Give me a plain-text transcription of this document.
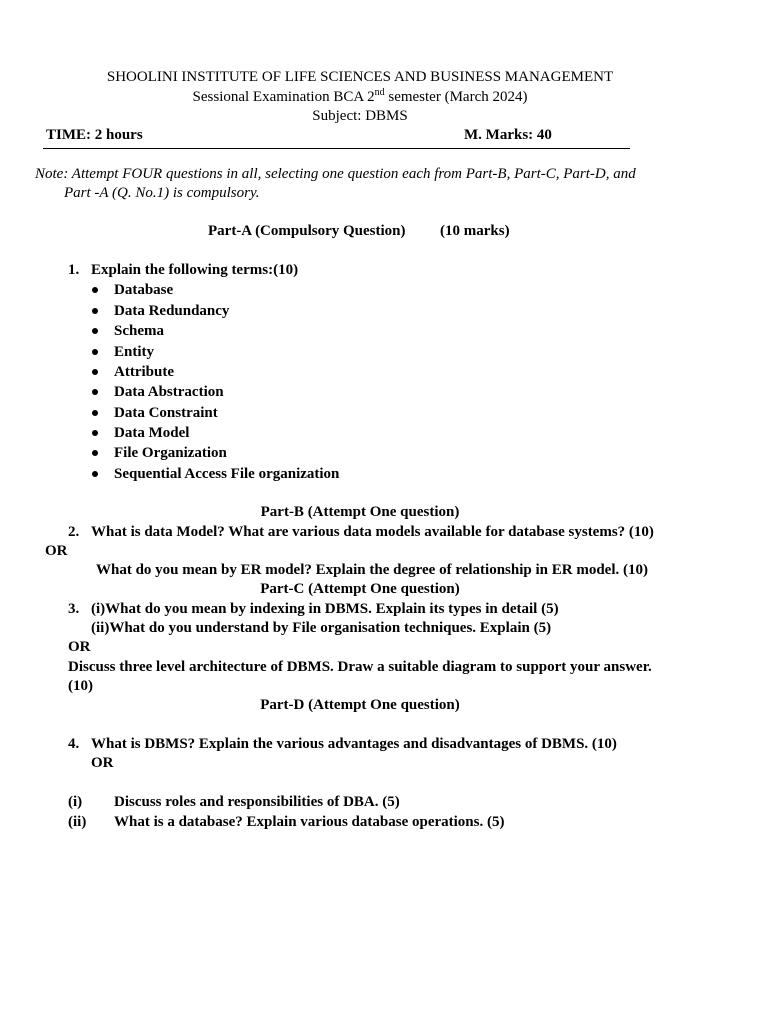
SHOOLINI INSTITUTE OF LIFE SCIENCES AND BUSINESS MANAGEMENT
Sessional Examination BCA 2nd semester (March 2024)
Subject: DBMS
TIME: 2 hours	M. Marks: 40
Note: Attempt FOUR questions in all, selecting one question each from Part-B, Part-C, Part-D, and
Part -A (Q. No.1) is compulsory.
Part-A (Compulsory Question) (10 marks)
1. Explain the following terms:(10)
Database
Data Redundancy
Schema
Entity
Attribute
Data Abstraction
Data Constraint
Data Model
File Organization
Sequential Access File organization
Part-B (Attempt One question)
2. What is data Model? What are various data models available for database systems? (10)
OR
What do you mean by ER model? Explain the degree of relationship in ER model. (10)
Part-C (Attempt One question)
3. (i)What do you mean by indexing in DBMS. Explain its types in detail (5)
(ii)What do you understand by File organisation techniques. Explain (5)
OR
Discuss three level architecture of DBMS. Draw a suitable diagram to support your answer.
(10)
Part-D (Attempt One question)
4. What is DBMS? Explain the various advantages and disadvantages of DBMS. (10)
OR
(i) Discuss roles and responsibilities of DBA. (5)
(ii) What is a database? Explain various database operations. (5)
